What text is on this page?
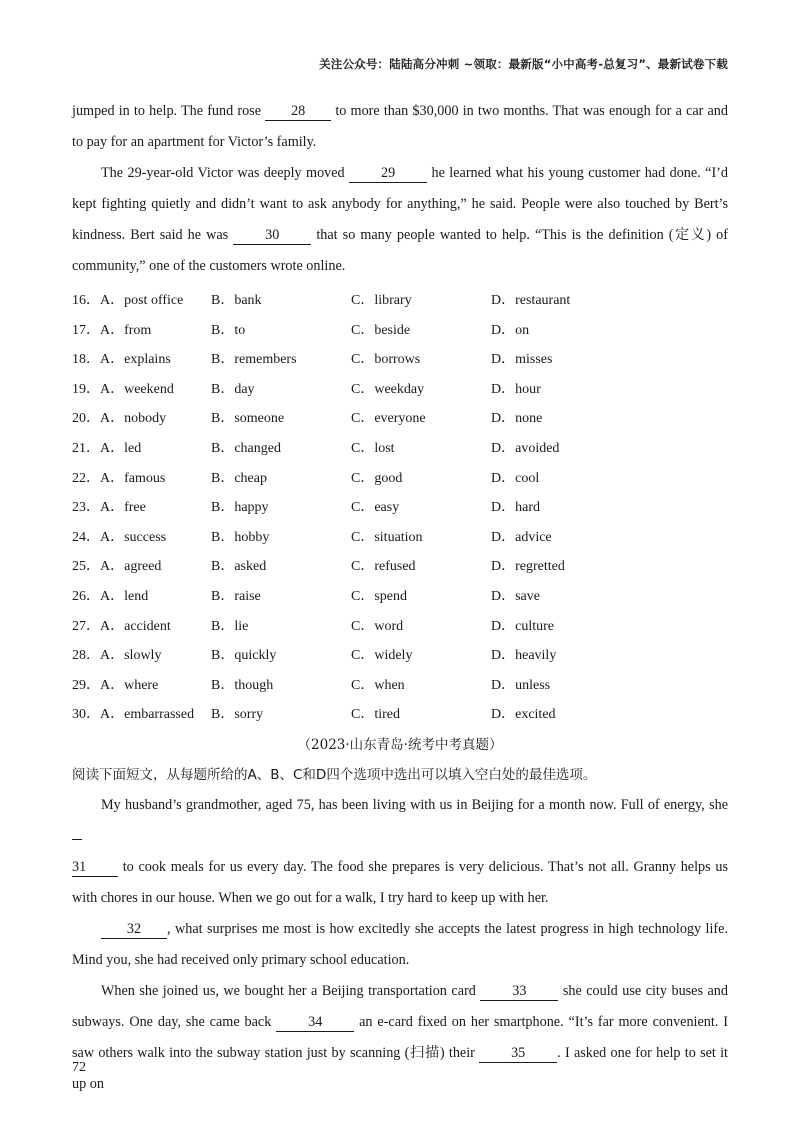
关注公众号：陆陆高分冲刺 ~领取：最新版“小中高考-总复习”、最新试卷下载

jumped in to help. The fund rose 28 to more than $30,000 in two months. That was enough for a car and to pay for an apartment for Victor’s family.

The 29-year-old Victor was deeply moved 29 he learned what his young customer had done. “I’d kept fighting quietly and didn’t want to ask anybody for anything,” he said. People were also touched by Bert’s kindness. Bert said he was 30 that so many people wanted to help. “This is the definition (定义) of community,” one of the customers wrote online.

16．A．post office B．bank	C．library	D．restaurant
17．A．from	B．to	C．beside	D．on
18．A．explains	B．remembers	C．borrows	D．misses
19．A．weekend	B．day	C．weekday	D．hour
20．A．nobody	B．someone	C．everyone	D．none
21．A．led	B．changed	C．lost	D．avoided
22．A．famous	B．cheap	C．good	D．cool
23．A．free	B．happy	C．easy	D．hard
24．A．success	B．hobby	C．situation	D．advice
25．A．agreed	B．asked	C．refused	D．regretted
26．A．lend	B．raise	C．spend	D．save
27．A．accident	B．lie	C．word	D．culture
28．A．slowly	B．quickly	C．widely	D．heavily
29．A．where	B．though	C．when	D．unless
30．A．embarrassed B．sorry	C．tired	D．excited
（2023·山东青岛·统考中考真题）

阅读下面短文，从每题所给的A、B、C和D四个选项中选出可以填入空白处的最佳选项。

My husband’s grandmother, aged 75, has been living with us in Beijing for a month now. Full of energy, she
31 to cook meals for us every day. The food she prepares is very delicious. That’s not all. Granny helps us with chores in our house. When we go out for a walk, I try hard to keep up with her.

32 , what surprises me most is how excitedly she accepts the latest progress in high technology life. Mind you, she had received only primary school education.

When she joined us, we bought her a Beijing transportation card 33 she could use city buses and subways. One day, she came back 34 an e-card fixed on her smartphone. “It’s far more convenient. I saw others walk into the subway station just by scanning (扫描) their 35 . I asked one for help to set it up on

72
